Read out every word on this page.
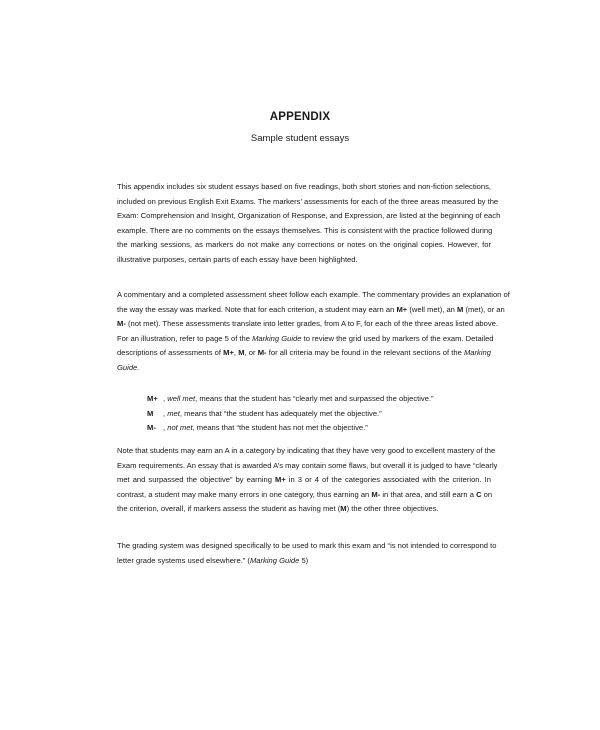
APPENDIX
Sample student essays
This appendix includes six student essays based on five readings, both short stories and non-fiction selections,
included on previous English Exit Exams. The markers’ assessments for each of the three areas measured by the
Exam: Comprehension and Insight, Organization of Response, and Expression, are listed at the beginning of each
example. There are no comments on the essays themselves. This is consistent with the practice followed during
the marking sessions, as markers do not make any corrections or notes on the original copies. However, for
illustrative purposes, certain parts of each essay have been highlighted.
A commentary and a completed assessment sheet follow each example. The commentary provides an explanation of
the way the essay was marked. Note that for each criterion, a student may earn an M+ (well met), an M (met), or an
M- (not met). These assessments translate into letter grades, from A to F, for each of the three areas listed above.
For an illustration, refer to page 5 of the Marking Guide to review the grid used by markers of the exam. Detailed
descriptions of assessments of M+, M, or M- for all criteria may be found in the relevant sections of the Marking
Guide.
M+ , well met, means that the student has “clearly met and surpassed the objective.”
M , met, means that “the student has adequately met the objective.”
M- , not met, means that “the student has not met the objective.”
Note that students may earn an A in a category by indicating that they have very good to excellent mastery of the
Exam requirements. An essay that is awarded A’s may contain some flaws, but overall it is judged to have “clearly
met and surpassed the objective” by earning M+ in 3 or 4 of the categories associated with the criterion. In
contrast, a student may make many errors in one category, thus earning an M- in that area, and still earn a C on
the criterion, overall, if markers assess the student as having met (M) the other three objectives.
The grading system was designed specifically to be used to mark this exam and “is not intended to correspond to
letter grade systems used elsewhere.” (Marking Guide 5)
